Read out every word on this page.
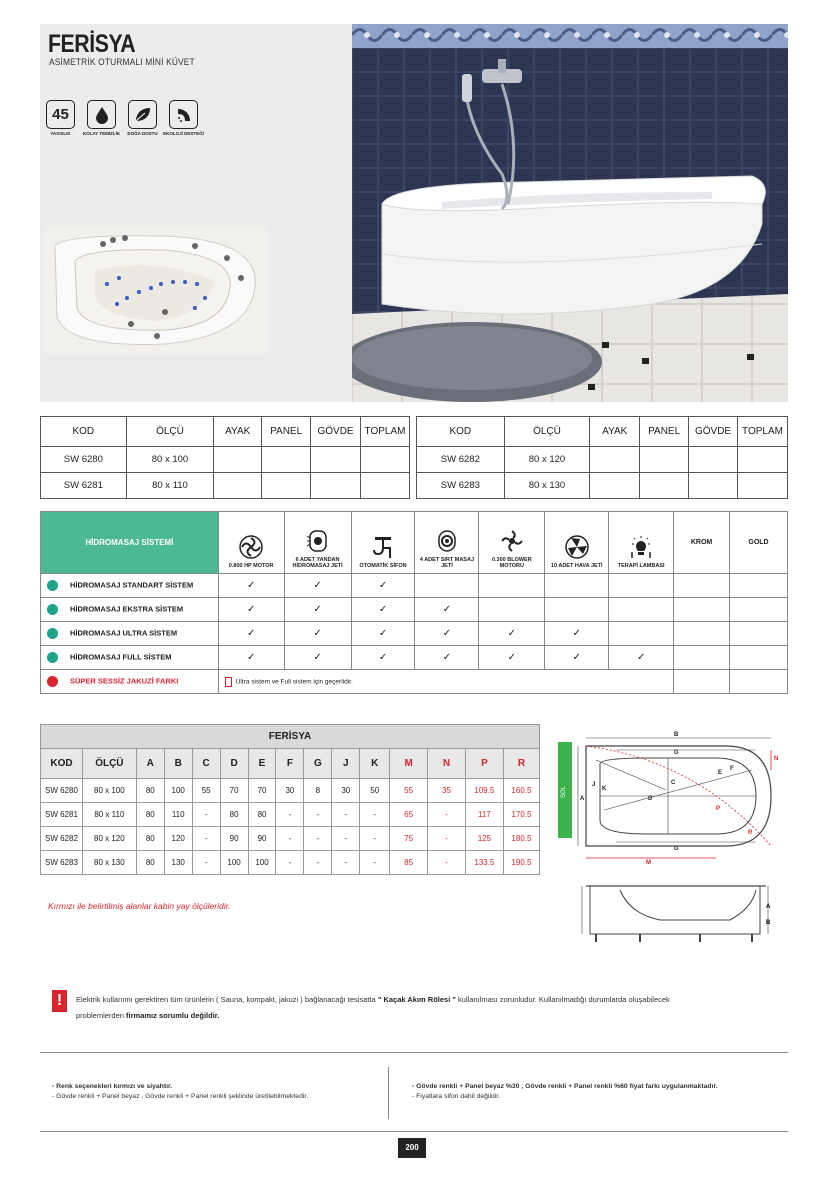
FERİSYA
ASİMETRİK OTURMALI MİNİ KÜVET
45
YASSILIK	KOLAY TEMİZLİK DOĞA DOSTU EKOLOJİ DESTEĞİ
KOD	ÖLÇÜ	AYAK	PANEL	GÖVDE	TOPLAM
SW 6280	80 x 100				
SW 6281	80 x 110				
KOD	ÖLÇÜ	AYAK	PANEL	GÖVDE	TOPLAM
SW 6282	80 x 120				
SW 6283	80 x 130				
HİDROMASAJ SİSTEMİ	0.800 HP MOTOR	6 ADET YANDAN HİDROMASAJ JETİ	OTOMATİK SİFON	4 ADET SIRT MASAJ JETİ	0.300 BLOWER MOTORU	10 ADET HAVA JETİ	TERAPİ LAMBASI	KROM	GOLD
HİDROMASAJ STANDART SİSTEM	✓	✓	✓						
HİDROMASAJ EKSTRA SİSTEM	✓	✓	✓	✓					
HİDROMASAJ ULTRA SİSTEM	✓	✓	✓	✓	✓	✓			
HİDROMASAJ FULL SİSTEM	✓	✓	✓	✓	✓	✓	✓		
SÜPER SESSİZ JAKUZİ FARKI	Ultra sistem ve Full sistem için geçerlidir.								
FERİSYA														
KOD	ÖLÇÜ	A	B	C	D	E	F	G	J	K	M	N	P	R
SW 6280	80 x 100	80	100	55	70	70	30	8	30	50	55	35	109.5	160.5
SW 6281	80 x 110	80	110	-	80	80	-	-	-	-	65	-	117	170.5
SW 6282	80 x 120	80	120	-	90	90	-	-	-	-	75	-	125	180.5
SW 6283	80 x 130	80	130	-	100	100	-	-	-	-	85	-	133.5	190.5
Kırmızı ile belirtilmiş alanlar kabin yay ölçüleridir.
SOL
B
G
G
A
C
D
E
F
J
K
M
N
P
R
A
B
!	Elektrik kullanımı gerektiren tüm ürünlerin ( Sauna, kompakt, jakuzi ) bağlanacağı tesisatta " Kaçak Akım Rölesi " kullanılması zorunludur. Kullanılmadığı durumlarda oluşabilecek
problemlerden firmamız sorumlu değildir.
- Renk seçenekleri kırmızı ve siyahtır.
- Gövde renkli + Panel beyaz , Gövde renkli + Panel renkli şeklinde üretilebilmektedir.
- Gövde renkli + Panel beyaz %30 , Gövde renkli + Panel renkli %60 fiyat farkı uygulanmaktadır.
- Fiyatlara sifon dahil değildir.
200
